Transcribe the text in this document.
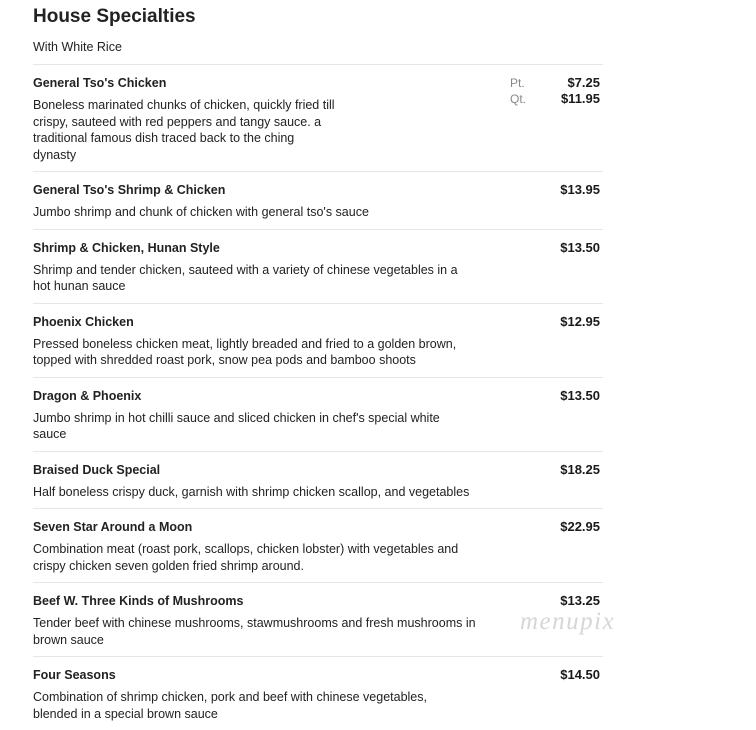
House Specialties
With White Rice
General Tso's Chicken
Boneless marinated chunks of chicken, quickly fried till crispy, sauteed with red peppers and tangy sauce. a traditional famous dish traced back to the ching dynasty
Pt.	$7.25
Qt.	$11.95
General Tso's Shrimp & Chicken
Jumbo shrimp and chunk of chicken with general tso's sauce
$13.95
Shrimp & Chicken, Hunan Style
Shrimp and tender chicken, sauteed with a variety of chinese vegetables in a hot hunan sauce
$13.50
Phoenix Chicken
Pressed boneless chicken meat, lightly breaded and fried to a golden brown, topped with shredded roast pork, snow pea pods and bamboo shoots
$12.95
Dragon & Phoenix
Jumbo shrimp in hot chilli sauce and sliced chicken in chef's special white sauce
$13.50
Braised Duck Special
Half boneless crispy duck, garnish with shrimp chicken scallop, and vegetables
$18.25
Seven Star Around a Moon
Combination meat (roast pork, scallops, chicken lobster) with vegetables and crispy chicken seven golden fried shrimp around.
$22.95
Beef W. Three Kinds of Mushrooms
Tender beef with chinese mushrooms, stawmushrooms and fresh mushrooms in brown sauce
$13.25
Four Seasons
Combination of shrimp chicken, pork and beef with chinese vegetables, blended in a special brown sauce
$14.50
menupix
